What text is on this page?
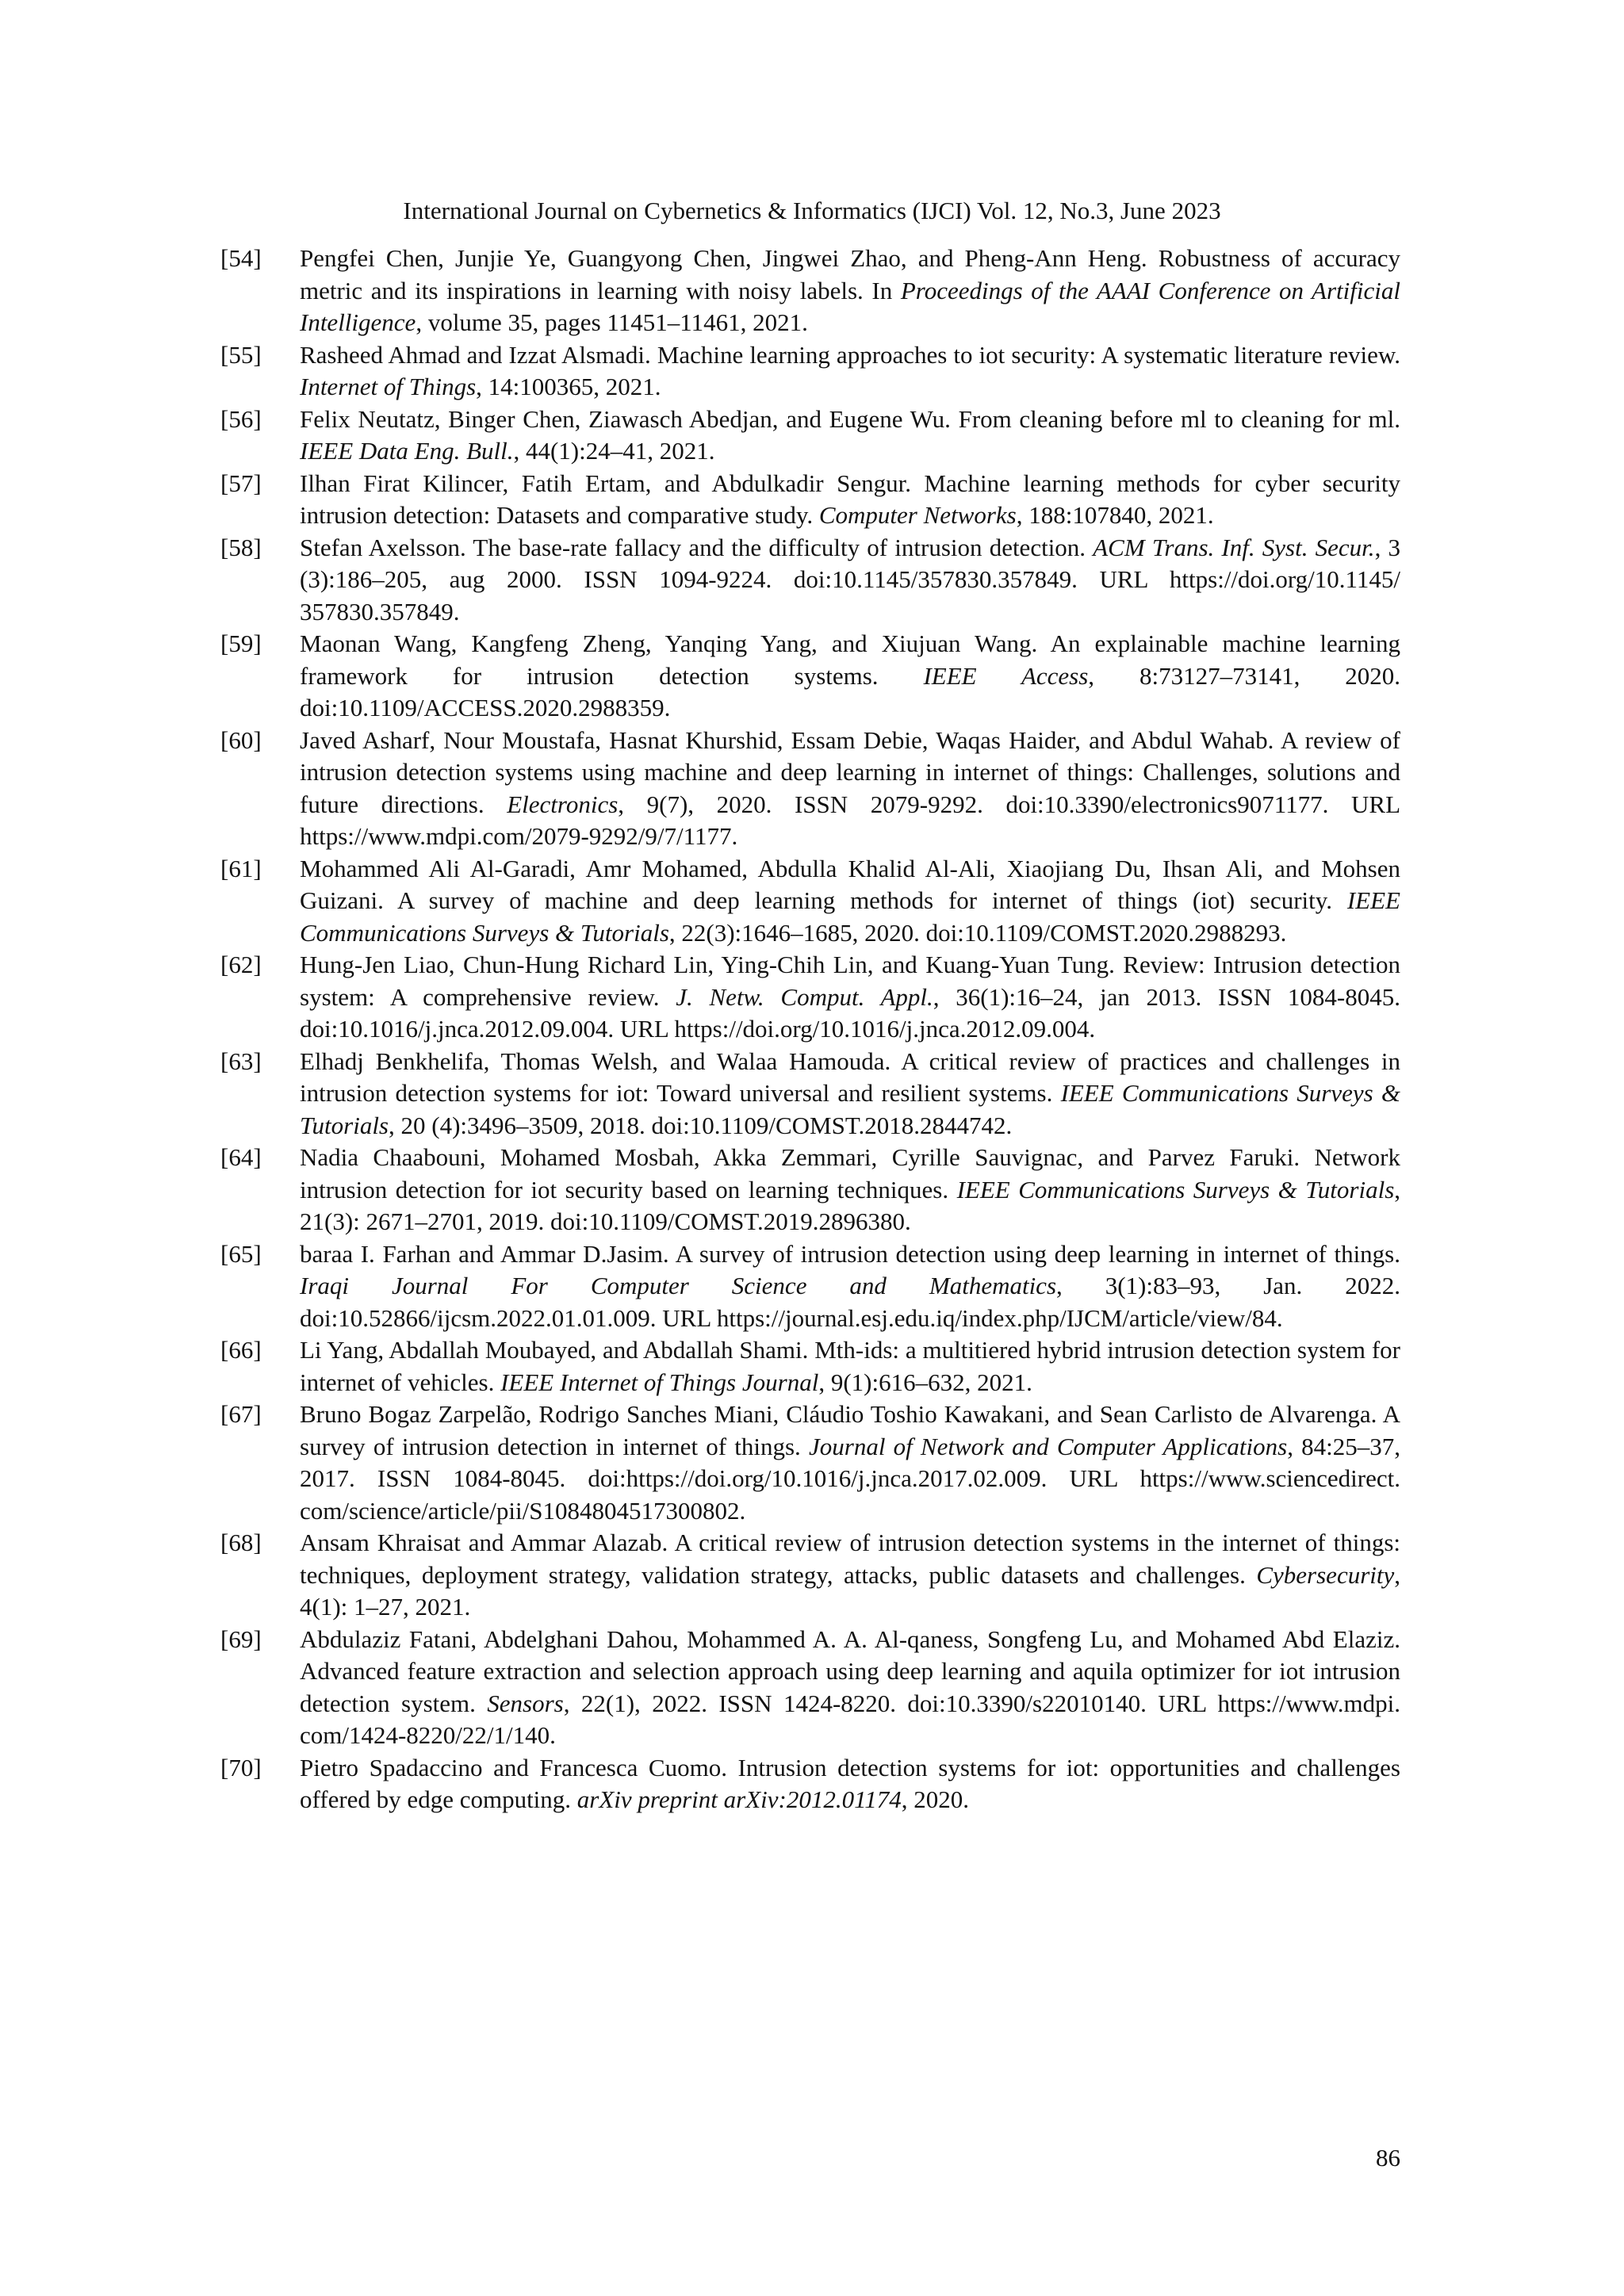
International Journal on Cybernetics & Informatics (IJCI) Vol. 12, No.3, June 2023
[54] Pengfei Chen, Junjie Ye, Guangyong Chen, Jingwei Zhao, and Pheng-Ann Heng. Robustness of accuracy metric and its inspirations in learning with noisy labels. In Proceedings of the AAAI Conference on Artificial Intelligence, volume 35, pages 11451–11461, 2021.
[55] Rasheed Ahmad and Izzat Alsmadi. Machine learning approaches to iot security: A systematic literature review. Internet of Things, 14:100365, 2021.
[56] Felix Neutatz, Binger Chen, Ziawasch Abedjan, and Eugene Wu. From cleaning before ml to cleaning for ml. IEEE Data Eng. Bull., 44(1):24–41, 2021.
[57] Ilhan Firat Kilincer, Fatih Ertam, and Abdulkadir Sengur. Machine learning methods for cyber security intrusion detection: Datasets and comparative study. Computer Networks, 188:107840, 2021.
[58] Stefan Axelsson. The base-rate fallacy and the difficulty of intrusion detection. ACM Trans. Inf. Syst. Secur., 3 (3):186–205, aug 2000. ISSN 1094-9224. doi:10.1145/357830.357849. URL https://doi.org/10.1145/ 357830.357849.
[59] Maonan Wang, Kangfeng Zheng, Yanqing Yang, and Xiujuan Wang. An explainable machine learning framework for intrusion detection systems. IEEE Access, 8:73127–73141, 2020. doi:10.1109/ACCESS.2020.2988359.
[60] Javed Asharf, Nour Moustafa, Hasnat Khurshid, Essam Debie, Waqas Haider, and Abdul Wahab. A review of intrusion detection systems using machine and deep learning in internet of things: Challenges, solutions and future directions. Electronics, 9(7), 2020. ISSN 2079-9292. doi:10.3390/electronics9071177. URL https://www.mdpi.com/2079-9292/9/7/1177.
[61] Mohammed Ali Al-Garadi, Amr Mohamed, Abdulla Khalid Al-Ali, Xiaojiang Du, Ihsan Ali, and Mohsen Guizani. A survey of machine and deep learning methods for internet of things (iot) security. IEEE Communications Surveys & Tutorials, 22(3):1646–1685, 2020. doi:10.1109/COMST.2020.2988293.
[62] Hung-Jen Liao, Chun-Hung Richard Lin, Ying-Chih Lin, and Kuang-Yuan Tung. Review: Intrusion detection system: A comprehensive review. J. Netw. Comput. Appl., 36(1):16–24, jan 2013. ISSN 1084-8045. doi:10.1016/j.jnca.2012.09.004. URL https://doi.org/10.1016/j.jnca.2012.09.004.
[63] Elhadj Benkhelifa, Thomas Welsh, and Walaa Hamouda. A critical review of practices and challenges in intrusion detection systems for iot: Toward universal and resilient systems. IEEE Communications Surveys & Tutorials, 20 (4):3496–3509, 2018. doi:10.1109/COMST.2018.2844742.
[64] Nadia Chaabouni, Mohamed Mosbah, Akka Zemmari, Cyrille Sauvignac, and Parvez Faruki. Network intrusion detection for iot security based on learning techniques. IEEE Communications Surveys & Tutorials, 21(3): 2671–2701, 2019. doi:10.1109/COMST.2019.2896380.
[65] baraa I. Farhan and Ammar D.Jasim. A survey of intrusion detection using deep learning in internet of things. Iraqi Journal For Computer Science and Mathematics, 3(1):83–93, Jan. 2022. doi:10.52866/ijcsm.2022.01.01.009. URL https://journal.esj.edu.iq/index.php/IJCM/article/view/84.
[66] Li Yang, Abdallah Moubayed, and Abdallah Shami. Mth-ids: a multitiered hybrid intrusion detection system for internet of vehicles. IEEE Internet of Things Journal, 9(1):616–632, 2021.
[67] Bruno Bogaz Zarpelão, Rodrigo Sanches Miani, Cláudio Toshio Kawakani, and Sean Carlisto de Alvarenga. A survey of intrusion detection in internet of things. Journal of Network and Computer Applications, 84:25–37, 2017. ISSN 1084-8045. doi:https://doi.org/10.1016/j.jnca.2017.02.009. URL https://www.sciencedirect. com/science/article/pii/S1084804517300802.
[68] Ansam Khraisat and Ammar Alazab. A critical review of intrusion detection systems in the internet of things: techniques, deployment strategy, validation strategy, attacks, public datasets and challenges. Cybersecurity, 4(1): 1–27, 2021.
[69] Abdulaziz Fatani, Abdelghani Dahou, Mohammed A. A. Al-qaness, Songfeng Lu, and Mohamed Abd Elaziz. Advanced feature extraction and selection approach using deep learning and aquila optimizer for iot intrusion detection system. Sensors, 22(1), 2022. ISSN 1424-8220. doi:10.3390/s22010140. URL https://www.mdpi. com/1424-8220/22/1/140.
[70] Pietro Spadaccino and Francesca Cuomo. Intrusion detection systems for iot: opportunities and challenges offered by edge computing. arXiv preprint arXiv:2012.01174, 2020.
86
